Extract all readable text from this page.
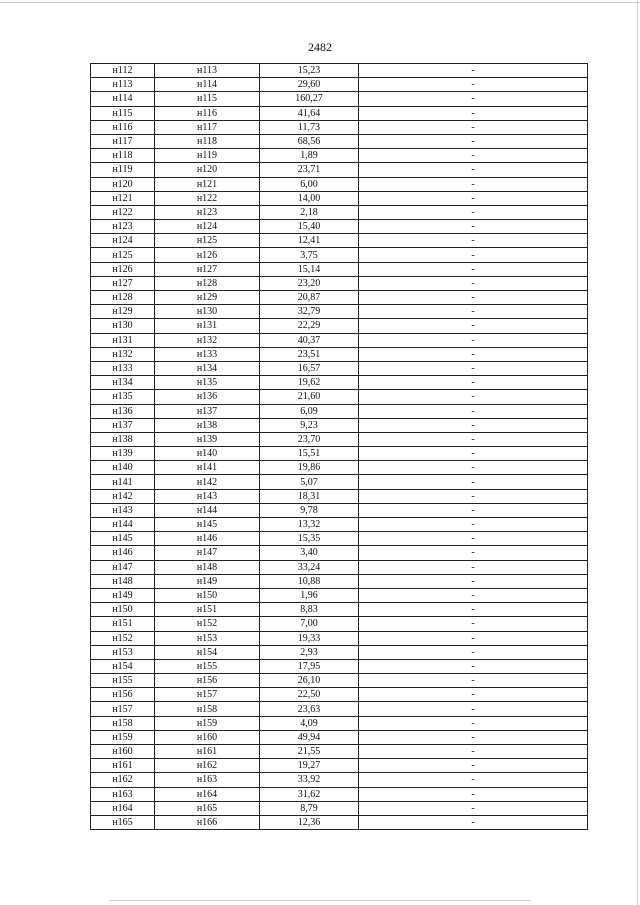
2482
н112	н113	15,23	-
н113	н114	29,60	-
н114	н115	160,27	-
н115	н116	41,64	-
н116	н117	11,73	-
н117	н118	68,56	-
н118	н119	1,89	-
н119	н120	23,71	-
н120	н121	6,00	-
н121	н122	14,00	-
н122	н123	2,18	-
н123	н124	15,40	-
н124	н125	12,41	-
н125	н126	3,75	-
н126	н127	15,14	-
н127	н128	23,20	-
н128	н129	20,87	-
н129	н130	32,79	-
н130	н131	22,29	-
н131	н132	40,37	-
н132	н133	23,51	-
н133	н134	16,57	-
н134	н135	19,62	-
н135	н136	21,60	-
н136	н137	6,09	-
н137	н138	9,23	-
н138	н139	23,70	-
н139	н140	15,51	-
н140	н141	19,86	-
н141	н142	5,07	-
н142	н143	18,31	-
н143	н144	9,78	-
н144	н145	13,32	-
н145	н146	15,35	-
н146	н147	3,40	-
н147	н148	33,24	-
н148	н149	10,88	-
н149	н150	1,96	-
н150	н151	8,83	-
н151	н152	7,00	-
н152	н153	19,33	-
н153	н154	2,93	-
н154	н155	17,95	-
н155	н156	26,10	-
н156	н157	22,50	-
н157	н158	23,63	-
н158	н159	4,09	-
н159	н160	49,94	-
н160	н161	21,55	-
н161	н162	19,27	-
н162	н163	33,92	-
н163	н164	31,62	-
н164	н165	8,79	-
н165	н166	12,36	-
